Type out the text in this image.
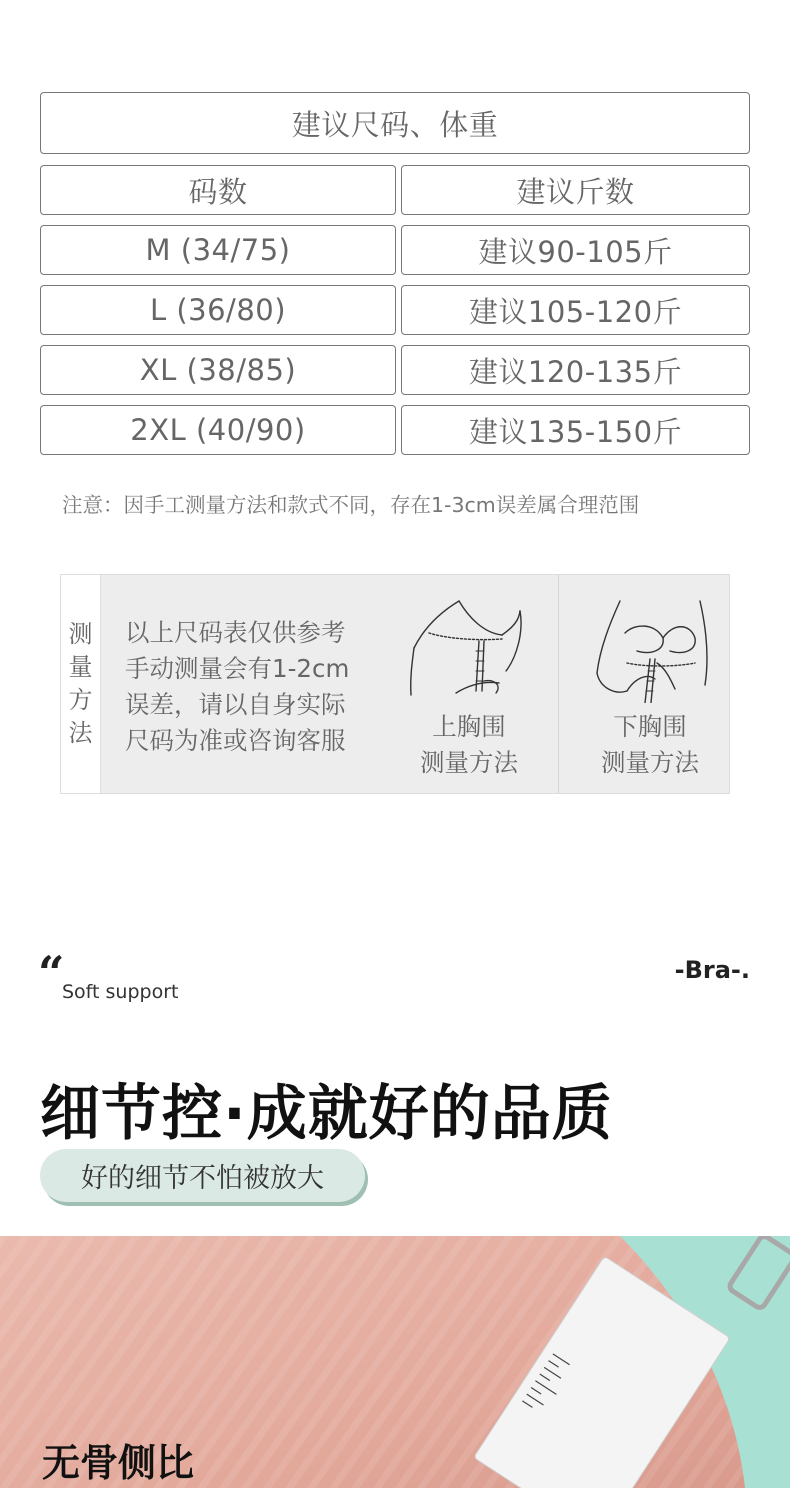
建议尺码、体重
码数	建议斤数
M (34/75)	建议90-105斤
L (36/80)	建议105-120斤
XL (38/85)	建议120-135斤
2XL (40/90)	建议135-150斤
注意：因手工测量方法和款式不同，存在1-3cm误差属合理范围
测
量
方
法
以上尺码表仅供参考
手动测量会有1-2cm
误差，请以自身实际
尺码为准或咨询客服	上胸围
测量方法
下胸围
测量方法
“
Soft support
-Bra-.
细节控·成就好的品质
好的细节不怕被放大
无骨侧比
